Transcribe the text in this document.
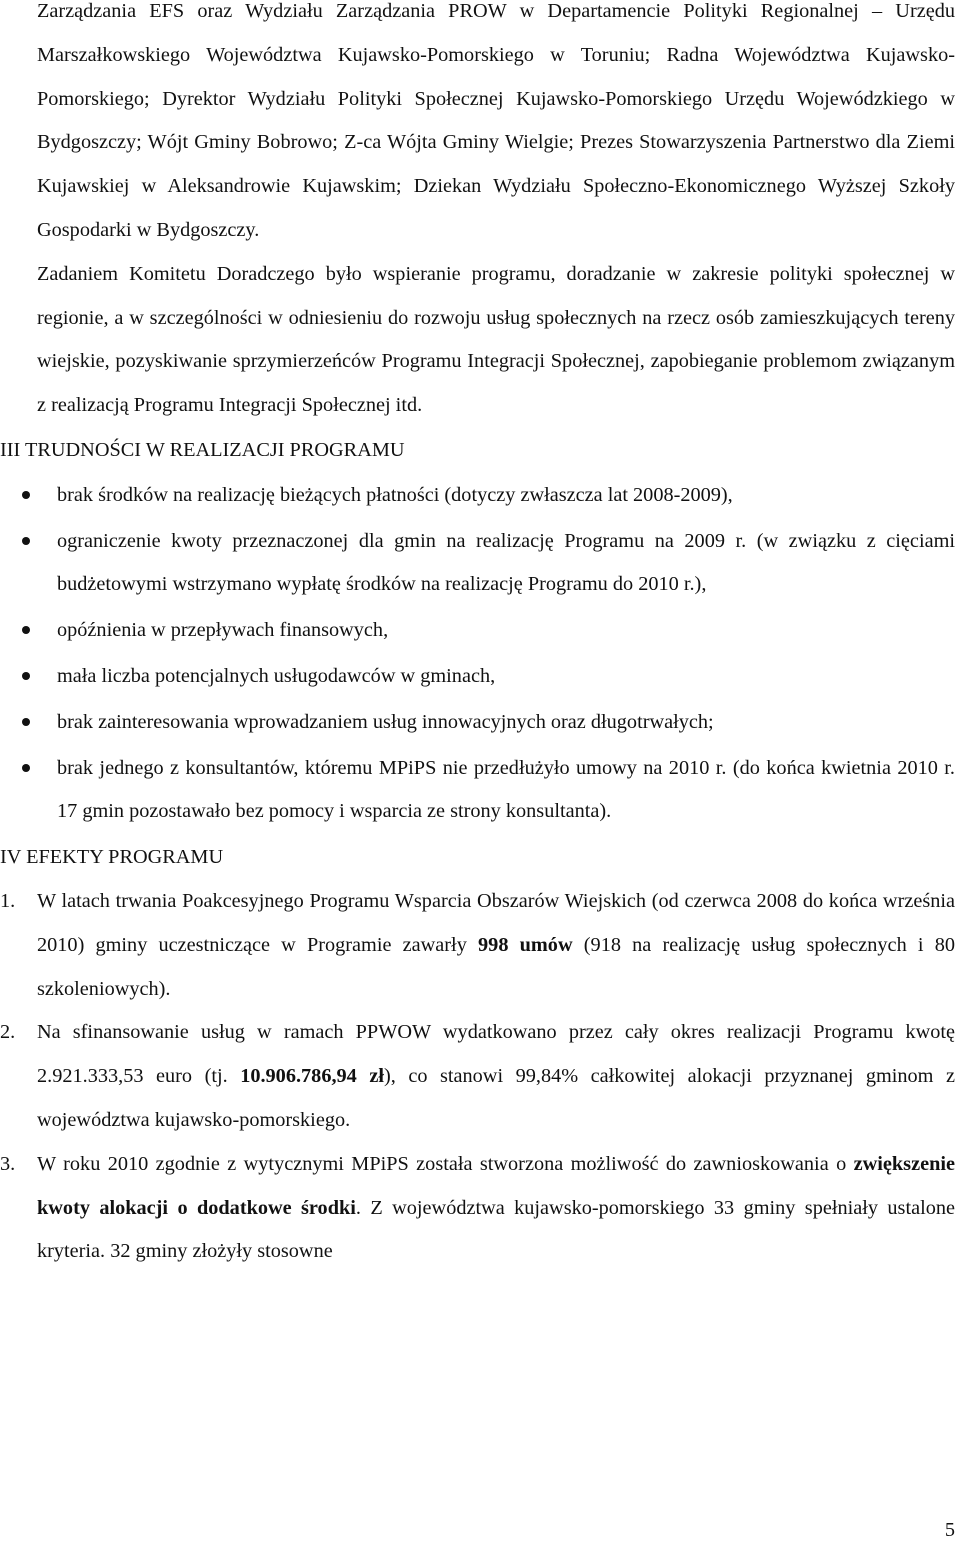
Zarządzania EFS oraz Wydziału Zarządzania PROW w Departamencie Polityki Regionalnej – Urzędu Marszałkowskiego Województwa Kujawsko-Pomorskiego w Toruniu; Radna Województwa Kujawsko-Pomorskiego; Dyrektor Wydziału Polityki Społecznej Kujawsko-Pomorskiego Urzędu Wojewódzkiego w Bydgoszczy; Wójt Gminy Bobrowo; Z-ca Wójta Gminy Wielgie; Prezes Stowarzyszenia Partnerstwo dla Ziemi Kujawskiej w Aleksandrowie Kujawskim; Dziekan Wydziału Społeczno-Ekonomicznego Wyższej Szkoły Gospodarki w Bydgoszczy.

Zadaniem Komitetu Doradczego było wspieranie programu, doradzanie w zakresie polityki społecznej w regionie, a w szczególności w odniesieniu do rozwoju usług społecznych na rzecz osób zamieszkujących tereny wiejskie, pozyskiwanie sprzymierzeńców Programu Integracji Społecznej, zapobieganie problemom związanym z realizacją Programu Integracji Społecznej itd.

III TRUDNOŚCI W REALIZACJI PROGRAMU
brak środków na realizację bieżących płatności (dotyczy zwłaszcza lat 2008-2009),
ograniczenie kwoty przeznaczonej dla gmin na realizację Programu na 2009 r. (w związku z cięciami budżetowymi wstrzymano wypłatę środków na realizację Programu do 2010 r.),
opóźnienia w przepływach finansowych,
mała liczba potencjalnych usługodawców w gminach,
brak zainteresowania wprowadzaniem usług innowacyjnych oraz długotrwałych;
brak jednego z konsultantów, któremu MPiPS nie przedłużyło umowy na 2010 r. (do końca kwietnia 2010 r. 17 gmin pozostawało bez pomocy i wsparcia ze strony konsultanta).
IV EFEKTY PROGRAMU
1. W latach trwania Poakcesyjnego Programu Wsparcia Obszarów Wiejskich (od czerwca 2008 do końca września 2010) gminy uczestniczące w Programie zawarły 998 umów (918 na realizację usług społecznych i 80 szkoleniowych).
2. Na sfinansowanie usług w ramach PPWOW wydatkowano przez cały okres realizacji Programu kwotę 2.921.333,53 euro (tj. 10.906.786,94 zł), co stanowi 99,84% całkowitej alokacji przyznanej gminom z województwa kujawsko-pomorskiego.
3. W roku 2010 zgodnie z wytycznymi MPiPS została stworzona możliwość do zawnioskowania o zwiększenie kwoty alokacji o dodatkowe środki. Z województwa kujawsko-pomorskiego 33 gminy spełniały ustalone kryteria. 32 gminy złożyły stosowne
5
